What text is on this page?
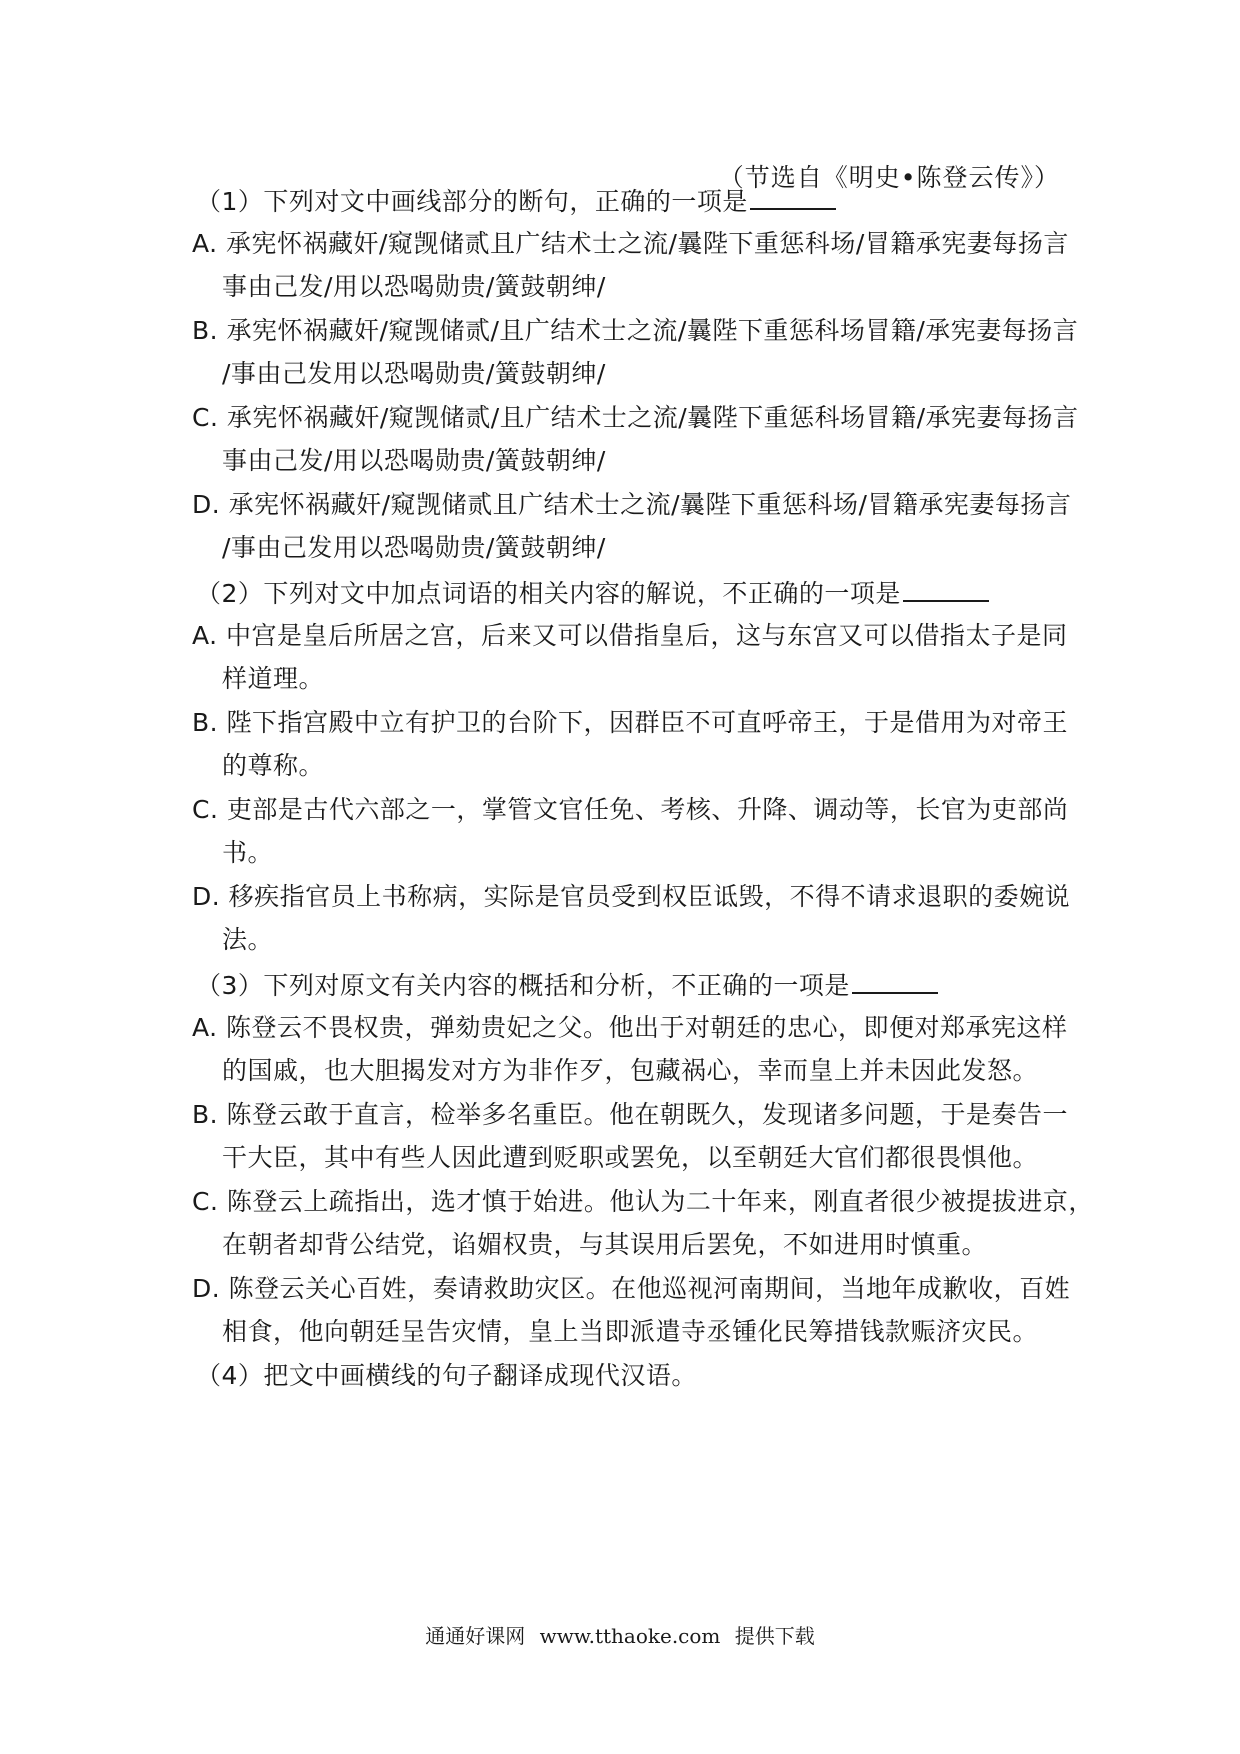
（节选自《明史•陈登云传》）
（1）下列对文中画线部分的断句，正确的一项是
A. 承宪怀祸藏奸/窥觊储贰且广结术士之流/曩陛下重惩科场/冒籍承宪妻每扬言
事由己发/用以恐喝勋贵/簧鼓朝绅/
B. 承宪怀祸藏奸/窥觊储贰/且广结术士之流/曩陛下重惩科场冒籍/承宪妻每扬言
/事由己发用以恐喝勋贵/簧鼓朝绅/
C. 承宪怀祸藏奸/窥觊储贰/且广结术士之流/曩陛下重惩科场冒籍/承宪妻每扬言
事由己发/用以恐喝勋贵/簧鼓朝绅/
D. 承宪怀祸藏奸/窥觊储贰且广结术士之流/曩陛下重惩科场/冒籍承宪妻每扬言
/事由己发用以恐喝勋贵/簧鼓朝绅/
（2）下列对文中加点词语的相关内容的解说，不正确的一项是
A. 中宫是皇后所居之宫，后来又可以借指皇后，这与东宫又可以借指太子是同
样道理。
B. 陛下指宫殿中立有护卫的台阶下，因群臣不可直呼帝王，于是借用为对帝王
的尊称。
C. 吏部是古代六部之一，掌管文官任免、考核、升降、调动等，长官为吏部尚
书。
D. 移疾指官员上书称病，实际是官员受到权臣诋毁，不得不请求退职的委婉说
法。
（3）下列对原文有关内容的概括和分析，不正确的一项是
A. 陈登云不畏权贵，弹劾贵妃之父。他出于对朝廷的忠心，即便对郑承宪这样
的国戚，也大胆揭发对方为非作歹，包藏祸心，幸而皇上并未因此发怒。
B. 陈登云敢于直言，检举多名重臣。他在朝既久，发现诸多问题，于是奏告一
干大臣，其中有些人因此遭到贬职或罢免，以至朝廷大官们都很畏惧他。
C. 陈登云上疏指出，选才慎于始进。他认为二十年来，刚直者很少被提拔进京，
在朝者却背公结党，谄媚权贵，与其误用后罢免，不如进用时慎重。
D. 陈登云关心百姓，奏请救助灾区。在他巡视河南期间，当地年成歉收，百姓
相食，他向朝廷呈告灾情，皇上当即派遣寺丞锺化民筹措钱款赈济灾民。
（4）把文中画横线的句子翻译成现代汉语。
通通好课网 www.tthaoke.com 提供下载
